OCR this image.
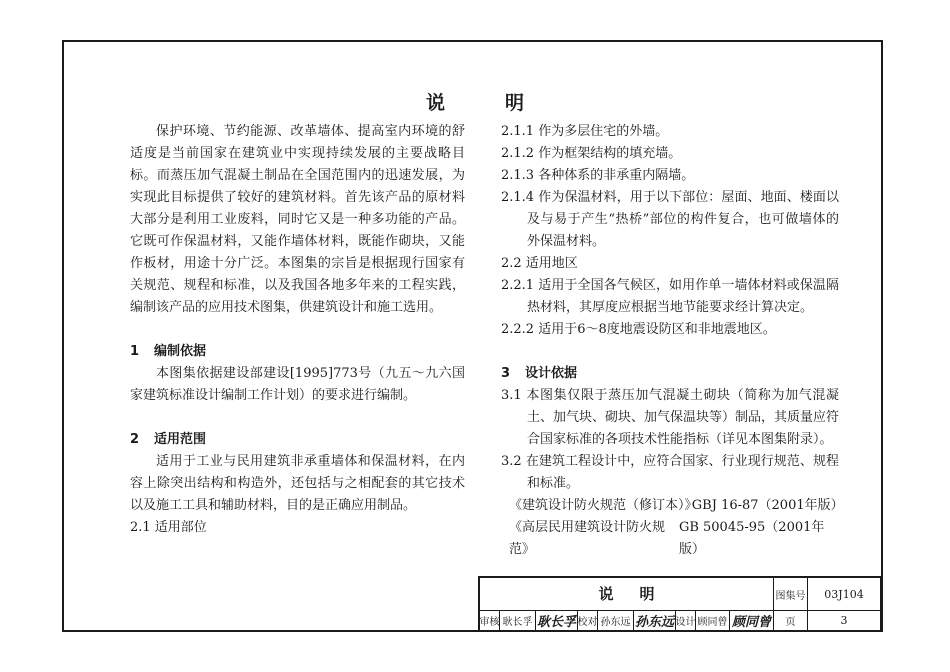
说明

保护环境、节约能源、改革墙体、提高室内环境的舒适度是当前国家在建筑业中实现持续发展的主要战略目标。而蒸压加气混凝土制品在全国范围内的迅速发展，为实现此目标提供了较好的建筑材料。首先该产品的原材料大部分是利用工业废料，同时它又是一种多功能的产品。它既可作保温材料，又能作墙体材料，既能作砌块，又能作板材，用途十分广泛。本图集的宗旨是根据现行国家有关规范、规程和标准，以及我国各地多年来的工程实践，编制该产品的应用技术图集，供建筑设计和施工选用。

1 编制依据

本图集依据建设部建设[1995]773号（九五～九六国家建筑标准设计编制工作计划）的要求进行编制。

2 适用范围

适用于工业与民用建筑非承重墙体和保温材料，在内容上除突出结构和构造外，还包括与之相配套的其它技术以及施工工具和辅助材料，目的是正确应用制品。

2.1 适用部位

2.1.1 作为多层住宅的外墙。

2.1.2 作为框架结构的填充墙。

2.1.3 各种体系的非承重内隔墙。

2.1.4 作为保温材料，用于以下部位：屋面、地面、楼面以及与易于产生“热桥”部位的构件复合，也可做墙体的外保温材料。

2.2 适用地区

2.2.1 适用于全国各气候区，如用作单一墙体材料或保温隔热材料，其厚度应根据当地节能要求经计算决定。

2.2.2 适用于6～8度地震设防区和非地震地区。

3 设计依据

3.1 本图集仅限于蒸压加气混凝土砌块（简称为加气混凝土、加气块、砌块、加气保温块等）制品，其质量应符合国家标准的各项技术性能指标（详见本图集附录）。

3.2 在建筑工程设计中，应符合国家、行业现行规范、规程和标准。

《建筑设计防火规范（修订本）》
GBJ 16-87（2001年版）
《高层民用建筑设计防火规范》
GB 50045-95（2001年版）
说明	图集号	03J104
审核 耿长孚 耿长孚 校对 孙东远 孙东远 设计 顾同曾 顾同曾	页	3
